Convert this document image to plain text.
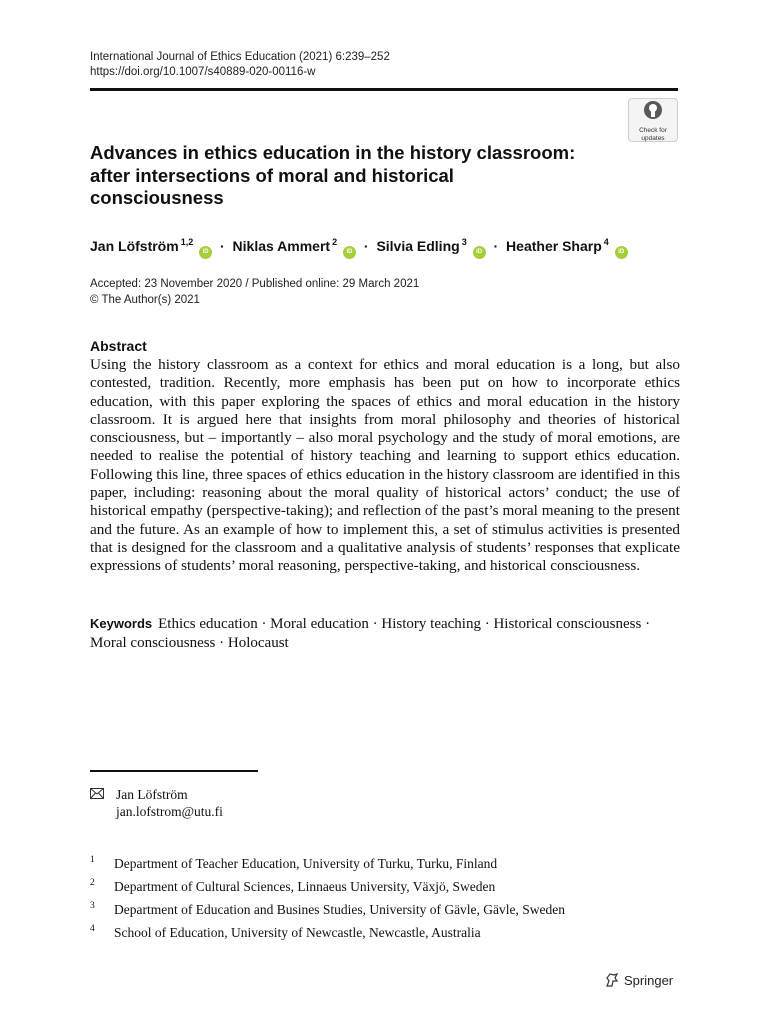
International Journal of Ethics Education (2021) 6:239–252
https://doi.org/10.1007/s40889-020-00116-w
Check for
updates
Advances in ethics education in the history classroom:
after intersections of moral and historical
consciousness
Jan Löfström $^{1,2}$ iD · Niklas Ammert $^2$ iD · Silvia Edling $^3$ iD · Heather Sharp $^4$ iD
Accepted: 23 November 2020 / Published online: 29 March 2021
© The Author(s) 2021
Abstract
Using the history classroom as a context for ethics and moral education is a long, but also contested, tradition. Recently, more emphasis has been put on how to incorporate ethics education, with this paper exploring the spaces of ethics and moral education in the history classroom. It is argued here that insights from moral philosophy and theories of historical consciousness, but – importantly – also moral psychology and the study of moral emotions, are needed to realise the potential of history teaching and learning to support ethics education. Following this line, three spaces of ethics education in the history classroom are identified in this paper, including: reasoning about the moral quality of historical actors’ conduct; the use of historical empathy (perspective-taking); and reflection of the past’s moral meaning to the present and the future. As an example of how to implement this, a set of stimulus activities is presented that is designed for the classroom and a qualitative analysis of students’ responses that explicate expressions of students’ moral reasoning, perspective-taking, and historical consciousness.
Keywords Ethics education · Moral education · History teaching · Historical consciousness · Moral consciousness · Holocaust
Jan Löfström
jan.lofstrom@utu.fi
1 Department of Teacher Education, University of Turku, Turku, Finland
2 Department of Cultural Sciences, Linnaeus University, Växjö, Sweden
3 Department of Education and Busines Studies, University of Gävle, Gävle, Sweden
4 School of Education, University of Newcastle, Newcastle, Australia
Springer
